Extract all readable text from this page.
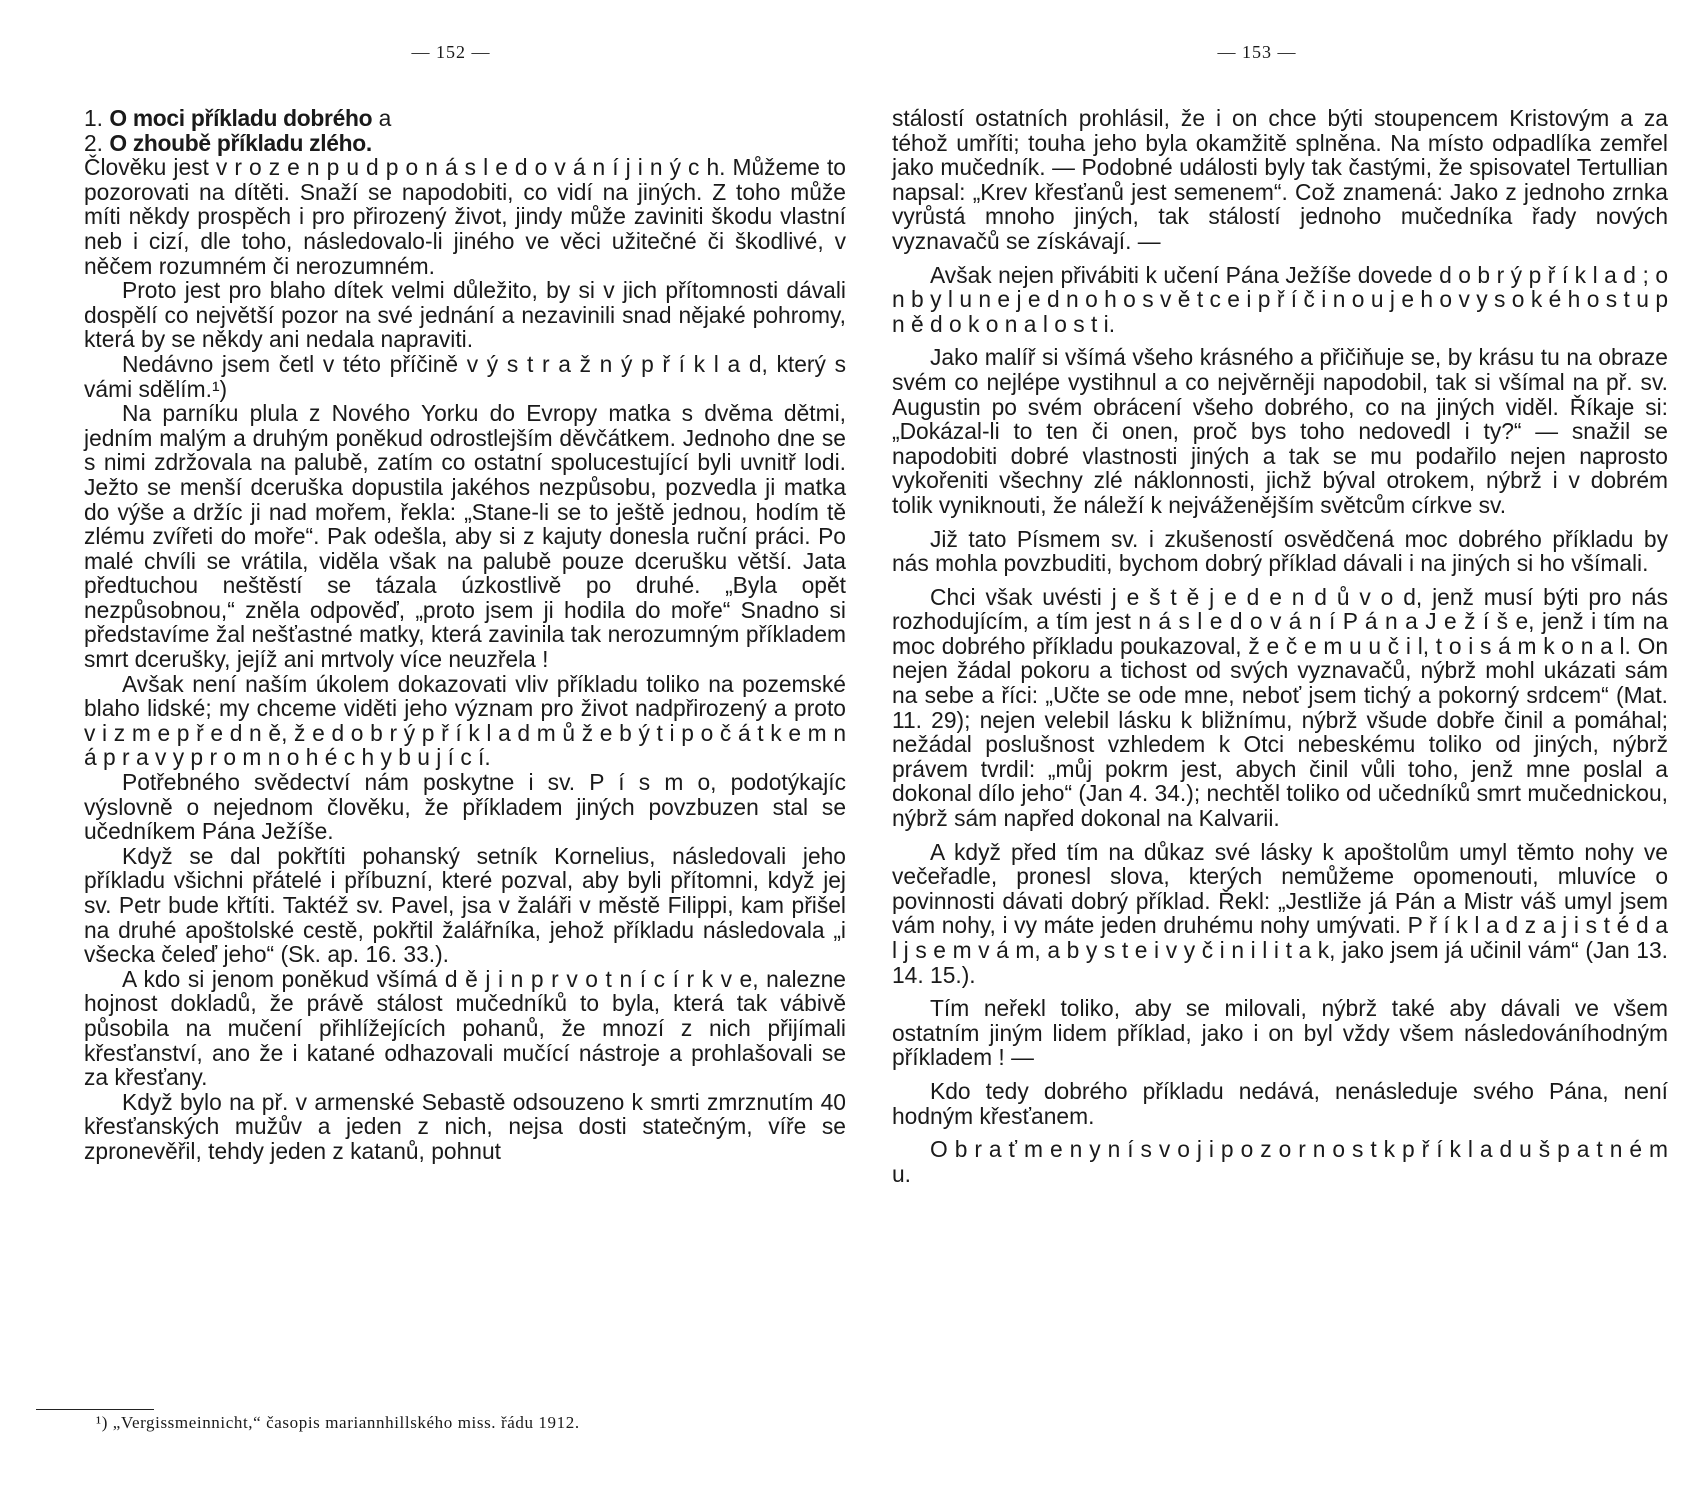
— 152 —

1. O moci příkladu dobrého a

2. O zhoubě příkladu zlého.

Člověku jest v r o z e n p u d p o n á s l e d o v á n í j i n ý c h. Můžeme to pozorovati na dítěti. Snaží se napodobiti, co vidí na jiných. Z toho může míti někdy prospěch i pro přirozený život, jindy může zaviniti škodu vlastní neb i cizí, dle toho, následovalo-li jiného ve věci užitečné či škodlivé, v něčem rozumném či nerozumném.

Proto jest pro blaho dítek velmi důležito, by si v jich přítomnosti dávali dospělí co největší pozor na své jednání a nezavinili snad nějaké pohromy, která by se někdy ani nedala napraviti.

Nedávno jsem četl v této příčině v ý s t r a ž n ý p ř í k l a d, který s vámi sdělím.¹)

Na parníku plula z Nového Yorku do Evropy matka s dvěma dětmi, jedním malým a druhým poněkud odrostlejším děvčátkem. Jednoho dne se s nimi zdržovala na palubě, zatím co ostatní spolucestující byli uvnitř lodi. Ježto se menší dceruška dopustila jakéhos nezpůsobu, pozvedla ji matka do výše a držíc ji nad mořem, řekla: „Stane-li se to ještě jednou, hodím tě zlému zvířeti do moře“. Pak odešla, aby si z kajuty donesla ruční práci. Po malé chvíli se vrátila, viděla však na palubě pouze dcerušku větší. Jata předtuchou neštěstí se tázala úzkostlivě po druhé. „Byla opět nezpůsobnou,“ zněla odpověď, „proto jsem ji hodila do moře“ Snadno si představíme žal nešťastné matky, která zavinila tak nerozumným příkladem smrt dcerušky, jejíž ani mrtvoly více neuzřela !

Avšak není naším úkolem dokazovati vliv příkladu toliko na pozemské blaho lidské; my chceme viděti jeho význam pro život nadpřirozený a proto v i z m e p ř e d n ě, ž e d o b r ý p ř í k l a d m ů ž e b ý t i p o č á t k e m n á p r a v y p r o m n o h é c h y b u j í c í.

Potřebného svědectví nám poskytne i sv. P í s m o, podotýkajíc výslovně o nejednom člověku, že příkladem jiných povzbuzen stal se učedníkem Pána Ježíše.

Když se dal pokřtíti pohanský setník Kornelius, následovali jeho příkladu všichni přátelé i příbuzní, které pozval, aby byli přítomni, když jej sv. Petr bude křtíti. Taktéž sv. Pavel, jsa v žaláři v městě Filippi, kam přišel na druhé apoštolské cestě, pokřtil žalářníka, jehož příkladu následovala „i všecka čeleď jeho“ (Sk. ap. 16. 33.).

A kdo si jenom poněkud všímá d ě j i n p r v o t n í c í r k v e, nalezne hojnost dokladů, že právě stálost mučedníků to byla, která tak vábivě působila na mučení přihlížejících pohanů, že mnozí z nich přijímali křesťanství, ano že i katané odhazovali mučící nástroje a prohlašovali se za křesťany.

Když bylo na př. v armenské Sebastě odsouzeno k smrti zmrznutím 40 křesťanských mužův a jeden z nich, nejsa dosti statečným, víře se zpronevěřil, tehdy jeden z katanů, pohnut

¹) „Vergissmeinnicht,“ časopis mariannhillského miss. řádu 1912.
— 153 —

stálostí ostatních prohlásil, že i on chce býti stoupencem Kristovým a za téhož umříti; touha jeho byla okamžitě splněna. Na místo odpadlíka zemřel jako mučedník. — Podobné události byly tak častými, že spisovatel Tertullian napsal: „Krev křesťanů jest semenem“. Což znamená: Jako z jednoho zrnka vyrůstá mnoho jiných, tak stálostí jednoho mučedníka řady nových vyznavačů se získávají. —

Avšak nejen přivábiti k učení Pána Ježíše dovede d o b r ý p ř í k l a d ; o n b y l u n e j e d n o h o s v ě t c e i p ř í č i n o u j e h o v y s o k é h o s t u p n ě d o k o n a l o s t i.

Jako malíř si všímá všeho krásného a přičiňuje se, by krásu tu na obraze svém co nejlépe vystihnul a co nejvěrněji napodobil, tak si všímal na př. sv. Augustin po svém obrácení všeho dobrého, co na jiných viděl. Říkaje si: „Dokázal-li to ten či onen, proč bys toho nedovedl i ty?“ — snažil se napodobiti dobré vlastnosti jiných a tak se mu podařilo nejen naprosto vykořeniti všechny zlé náklonnosti, jichž býval otrokem, nýbrž i v dobrém tolik vyniknouti, že náleží k nejváženějším světcům církve sv.

Již tato Písmem sv. i zkušeností osvědčená moc dobrého příkladu by nás mohla povzbuditi, bychom dobrý příklad dávali i na jiných si ho všímali.

Chci však uvésti j e š t ě j e d e n d ů v o d, jenž musí býti pro nás rozhodujícím, a tím jest n á s l e d o v á n í P á n a J e ž í š e, jenž i tím na moc dobrého příkladu poukazoval, ž e č e m u u č i l, t o i s á m k o n a l. On nejen žádal pokoru a tichost od svých vyznavačů, nýbrž mohl ukázati sám na sebe a říci: „Učte se ode mne, neboť jsem tichý a pokorný srdcem“ (Mat. 11. 29); nejen velebil lásku k bližnímu, nýbrž všude dobře činil a pomáhal; nežádal poslušnost vzhledem k Otci nebeskému toliko od jiných, nýbrž právem tvrdil: „můj pokrm jest, abych činil vůli toho, jenž mne poslal a dokonal dílo jeho“ (Jan 4. 34.); nechtěl toliko od učedníků smrt mučednickou, nýbrž sám napřed dokonal na Kalvarii.

A když před tím na důkaz své lásky k apoštolům umyl těmto nohy ve večeřadle, pronesl slova, kterých nemůžeme opomenouti, mluvíce o povinnosti dávati dobrý příklad. Řekl: „Jestliže já Pán a Mistr váš umyl jsem vám nohy, i vy máte jeden druhému nohy umývati. P ř í k l a d z a j i s t é d a l j s e m v á m, a b y s t e i v y č i n i l i t a k, jako jsem já učinil vám“ (Jan 13. 14. 15.).

Tím neřekl toliko, aby se milovali, nýbrž také aby dávali ve všem ostatním jiným lidem příklad, jako i on byl vždy všem následováníhodným příkladem ! —

Kdo tedy dobrého příkladu nedává, nenásleduje svého Pána, není hodným křesťanem.

O b r a ť m e n y n í s v o j i p o z o r n o s t k p ř í k l a d u š p a t n é m u.
